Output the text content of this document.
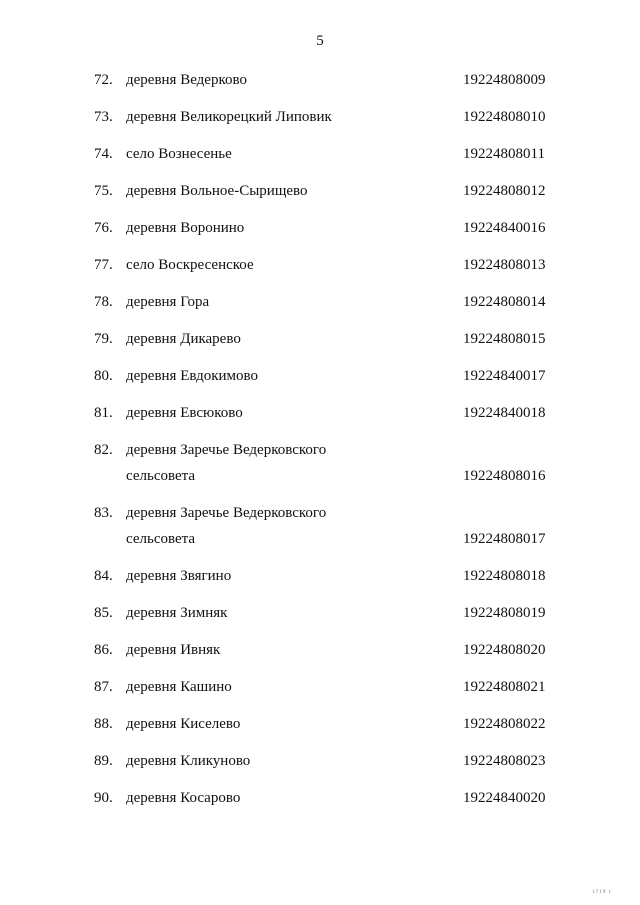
5
72. деревня Ведерково	19224808009
73. деревня Великорецкий Липовик	19224808010
74. село Вознесенье	19224808011
75. деревня Вольное-Сырищево	19224808012
76. деревня Воронино	19224840016
77. село Воскресенское	19224808013
78. деревня Гора	19224808014
79. деревня Дикарево	19224808015
80. деревня Евдокимово	19224840017
81. деревня Евсюково	19224840018
82. деревня Заречье Ведерковского
сельсовета	19224808016
83. деревня Заречье Ведерковского
сельсовета	19224808017
84. деревня Звягино	19224808018
85. деревня Зимняк	19224808019
86. деревня Ивняк	19224808020
87. деревня Кашино	19224808021
88. деревня Киселево	19224808022
89. деревня Кликуново	19224808023
90. деревня Косарово	19224840020
1719 1
